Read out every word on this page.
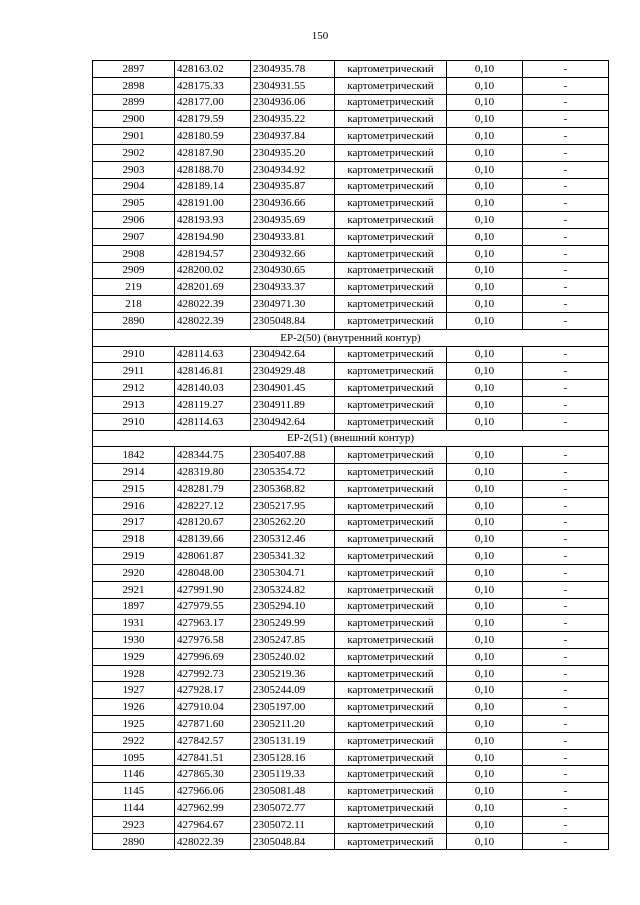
150
2897	428163.02	2304935.78	картометрический	0,10	-
2898	428175.33	2304931.55	картометрический	0,10	-
2899	428177.00	2304936.06	картометрический	0,10	-
2900	428179.59	2304935.22	картометрический	0,10	-
2901	428180.59	2304937.84	картометрический	0,10	-
2902	428187.90	2304935.20	картометрический	0,10	-
2903	428188.70	2304934.92	картометрический	0,10	-
2904	428189.14	2304935.87	картометрический	0,10	-
2905	428191.00	2304936.66	картометрический	0,10	-
2906	428193.93	2304935.69	картометрический	0,10	-
2907	428194.90	2304933.81	картометрический	0,10	-
2908	428194.57	2304932.66	картометрический	0,10	-
2909	428200.02	2304930.65	картометрический	0,10	-
219	428201.69	2304933.37	картометрический	0,10	-
218	428022.39	2304971.30	картометрический	0,10	-
2890	428022.39	2305048.84	картометрический	0,10	-
ЕР-2(50) (внутренний контур)					
2910	428114.63	2304942.64	картометрический	0,10	-
2911	428146.81	2304929.48	картометрический	0,10	-
2912	428140.03	2304901.45	картометрический	0,10	-
2913	428119.27	2304911.89	картометрический	0,10	-
2910	428114.63	2304942.64	картометрический	0,10	-
ЕР-2(51) (внешний контур)					
1842	428344.75	2305407.88	картометрический	0,10	-
2914	428319.80	2305354.72	картометрический	0,10	-
2915	428281.79	2305368.82	картометрический	0,10	-
2916	428227.12	2305217.95	картометрический	0,10	-
2917	428120.67	2305262.20	картометрический	0,10	-
2918	428139.66	2305312.46	картометрический	0,10	-
2919	428061.87	2305341.32	картометрический	0,10	-
2920	428048.00	2305304.71	картометрический	0,10	-
2921	427991.90	2305324.82	картометрический	0,10	-
1897	427979.55	2305294.10	картометрический	0,10	-
1931	427963.17	2305249.99	картометрический	0,10	-
1930	427976.58	2305247.85	картометрический	0,10	-
1929	427996.69	2305240.02	картометрический	0,10	-
1928	427992.73	2305219.36	картометрический	0,10	-
1927	427928.17	2305244.09	картометрический	0,10	-
1926	427910.04	2305197.00	картометрический	0,10	-
1925	427871.60	2305211.20	картометрический	0,10	-
2922	427842.57	2305131.19	картометрический	0,10	-
1095	427841.51	2305128.16	картометрический	0,10	-
1146	427865.30	2305119.33	картометрический	0,10	-
1145	427966.06	2305081.48	картометрический	0,10	-
1144	427962.99	2305072.77	картометрический	0,10	-
2923	427964.67	2305072.11	картометрический	0,10	-
2890	428022.39	2305048.84	картометрический	0,10	-
